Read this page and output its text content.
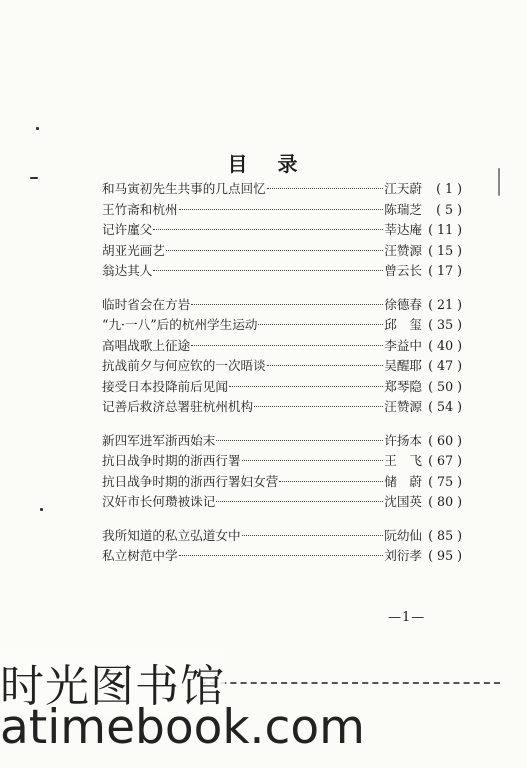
目 录
和马寅初先生共事的几点回忆	江天蔚	( 1 )
王竹斋和杭州	陈瑞芝	( 5 )
记许廑父	莘达庵 ( 11 )
胡亚光画艺	汪赞源 ( 15 )
翁达其人	曾云长 ( 17 )
临时省会在方岩	徐德春 ( 21 )
“九·一八”后的杭州学生运动	邱　玺 ( 35 )
高唱战歌上征途	李益中 ( 40 )
抗战前夕与何应钦的一次晤谈	吴醒耶 ( 47 )
接受日本投降前后见闻	郑琴隐 ( 50 )
记善后救济总署驻杭州机构	汪赞源 ( 54 )
新四军进军浙西始末	许扬本 ( 60 )
抗日战争时期的浙西行署	王　飞 ( 67 )
抗日战争时期的浙西行署妇女营	储　蔚 ( 75 )
汉奸市长何瓒被诛记	沈国英 ( 80 )
我所知道的私立弘道女中	阮幼仙 ( 85 )
私立树范中学	刘衍孝 ( 95 )
—1—
时光图书馆
atimebook.com
